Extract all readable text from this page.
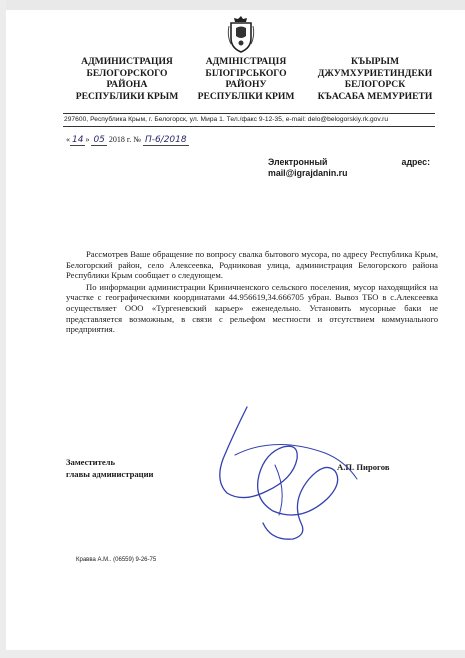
АДМИНИСТРАЦИЯ
БЕЛОГОРСКОГО
РАЙОНА
РЕСПУБЛИКИ КРЫМ
АДМІНІСТРАЦІЯ
БІЛОГІРСЬКОГО
РАЙОНУ
РЕСПУБЛІКИ КРИМ
КЪЫРЫМ
ДЖУМХУРИЕТИНДЕКИ
БЕЛОГОРСК
КЪАСАБА МЕМУРИЕТИ
297600, Республика Крым, г. Белогорск, ул. Мира 1. Тел./факс 9-12-35, e-mail: delo@belogorskiy.rk.gov.ru
« 14 » 05 2018 г. № П-6/2018
Электронный	адрес:
mail@igrajdanin.ru

Рассмотрев Ваше обращение по вопросу свалка бытового мусора, по адресу Республика Крым, Белогорский район, село Алексеевка, Родниковая улица, администрация Белогорского района Республики Крым сообщает о следующем.

По информации администрации Криничненского сельского поселения, мусор находящийся на участке с географическими координатами 44.956619,34.666705 убран. Вывоз ТБО в с.Алексеевка осуществляет ООО «Тургеневский карьер» еженедельно. Установить мусорные баки не представляется возможным, в связи с рельефом местности и отсутствием коммунального предприятия.

Заместитель
главы администрации
А.П. Пирогов
Кравва А.М.. (06559) 9-26-75
